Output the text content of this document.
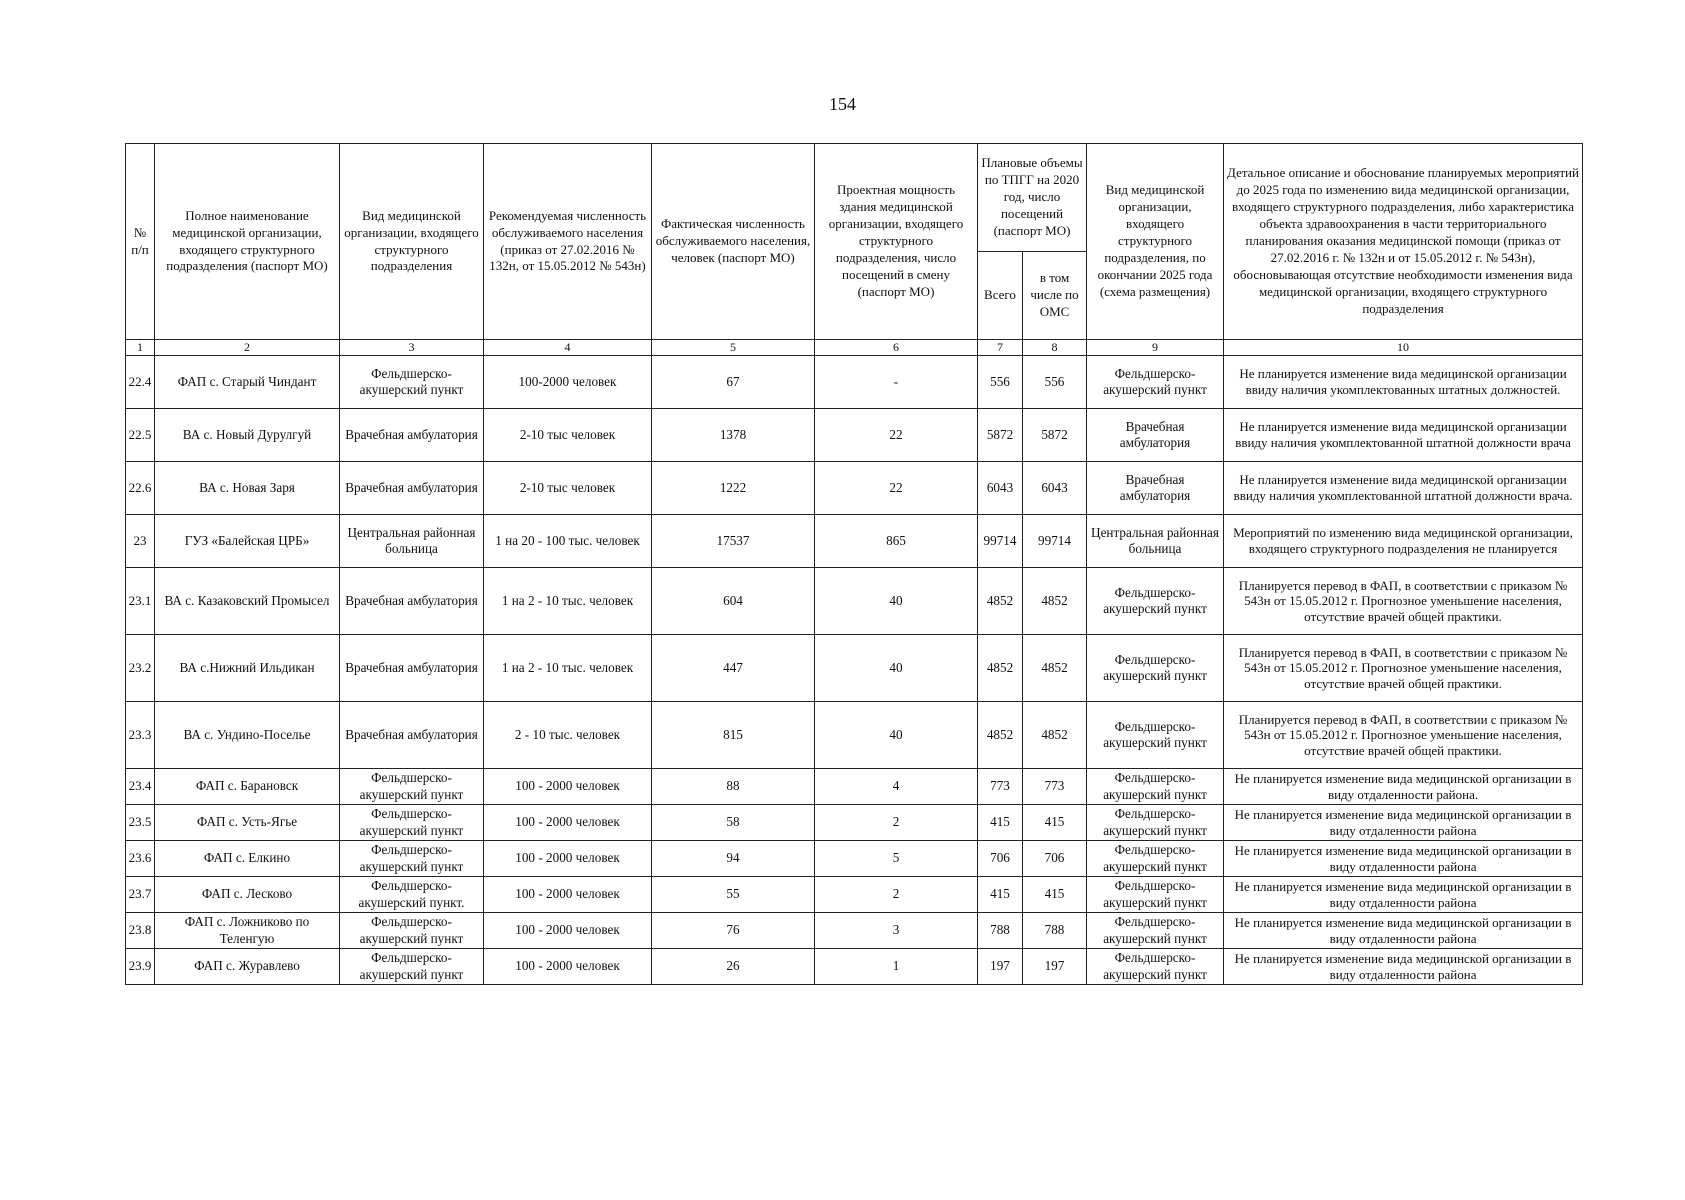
154
№ п/п	Полное наименование медицинской организации, входящего структурного подразделения (паспорт МО)	Вид медицинской организации, входящего структурного подразделения	Рекомендуемая численность обслуживаемого населения (приказ от 27.02.2016 № 132н, от 15.05.2012 № 543н)	Фактическая численность обслуживаемого населения, человек (паспорт МО)	Проектная мощность здания медицинской организации, входящего структурного подразделения, число посещений в смену (паспорт МО)	Плановые объемы по ТПГГ на 2020 год, число посещений (паспорт МО)		Вид медицинской организации, входящего структурного подразделения, по окончании 2025 года (схема размещения)	Детальное описание и обоснование планируемых мероприятий до 2025 года по изменению вида медицинской организации, входящего структурного подразделения, либо характеристика объекта здравоохранения в части территориального планирования оказания медицинской помощи (приказ от 27.02.2016 г. № 132н и от 15.05.2012 г. № 543н), обосновывающая отсутствие необходимости изменения вида медицинской организации, входящего структурного подразделения
						Всего	в том числе по ОМС		
1	2	3	4	5	6	7	8	9	10
22.4	ФАП с. Старый Чиндант	Фельдшерско-акушерский пункт	100-2000 человек	67	-	556	556	Фельдшерско-акушерский пункт	Не планируется изменение вида медицинской организации ввиду наличия укомплектованных штатных должностей.
22.5	ВА с. Новый Дурулгуй	Врачебная амбулатория	2-10 тыс человек	1378	22	5872	5872	Врачебная амбулатория	Не планируется изменение вида медицинской организации ввиду наличия укомплектованной штатной должности врача
22.6	ВА с. Новая Заря	Врачебная амбулатория	2-10 тыс человек	1222	22	6043	6043	Врачебная амбулатория	Не планируется изменение вида медицинской организации ввиду наличия укомплектованной штатной должности врача.
23	ГУЗ «Балейская ЦРБ»	Центральная районная больница	1 на 20 - 100 тыс. человек	17537	865	99714	99714	Центральная районная больница	Мероприятий по изменению вида медицинской организации, входящего структурного подразделения не планируется
23.1	ВА с. Казаковский Промысел	Врачебная амбулатория	1 на 2 - 10 тыс. человек	604	40	4852	4852	Фельдшерско-акушерский пункт	Планируется перевод в ФАП, в соответствии с приказом № 543н от 15.05.2012 г. Прогнозное уменьшение населения, отсутствие врачей общей практики.
23.2	ВА с.Нижний Ильдикан	Врачебная амбулатория	1 на 2 - 10 тыс. человек	447	40	4852	4852	Фельдшерско-акушерский пункт	Планируется перевод в ФАП, в соответствии с приказом № 543н от 15.05.2012 г. Прогнозное уменьшение населения, отсутствие врачей общей практики.
23.3	ВА с. Ундино-Поселье	Врачебная амбулатория	2 - 10 тыс. человек	815	40	4852	4852	Фельдшерско-акушерский пункт	Планируется перевод в ФАП, в соответствии с приказом № 543н от 15.05.2012 г. Прогнозное уменьшение населения, отсутствие врачей общей практики.
23.4	ФАП с. Барановск	Фельдшерско-акушерский пункт	100 - 2000 человек	88	4	773	773	Фельдшерско-акушерский пункт	Не планируется изменение вида медицинской организации в виду отдаленности района.
23.5	ФАП с. Усть-Ягье	Фельдшерско-акушерский пункт	100 - 2000 человек	58	2	415	415	Фельдшерско-акушерский пункт	Не планируется изменение вида медицинской организации в виду отдаленности района
23.6	ФАП с. Елкино	Фельдшерско-акушерский пункт	100 - 2000 человек	94	5	706	706	Фельдшерско-акушерский пункт	Не планируется изменение вида медицинской организации в виду отдаленности района
23.7	ФАП с. Лесково	Фельдшерско-акушерский пункт.	100 - 2000 человек	55	2	415	415	Фельдшерско-акушерский пункт	Не планируется изменение вида медицинской организации в виду отдаленности района
23.8	ФАП с. Ложниково по Теленгую	Фельдшерско-акушерский пункт	100 - 2000 человек	76	3	788	788	Фельдшерско-акушерский пункт	Не планируется изменение вида медицинской организации в виду отдаленности района
23.9	ФАП с. Журавлево	Фельдшерско-акушерский пункт	100 - 2000 человек	26	1	197	197	Фельдшерско-акушерский пункт	Не планируется изменение вида медицинской организации в виду отдаленности района
